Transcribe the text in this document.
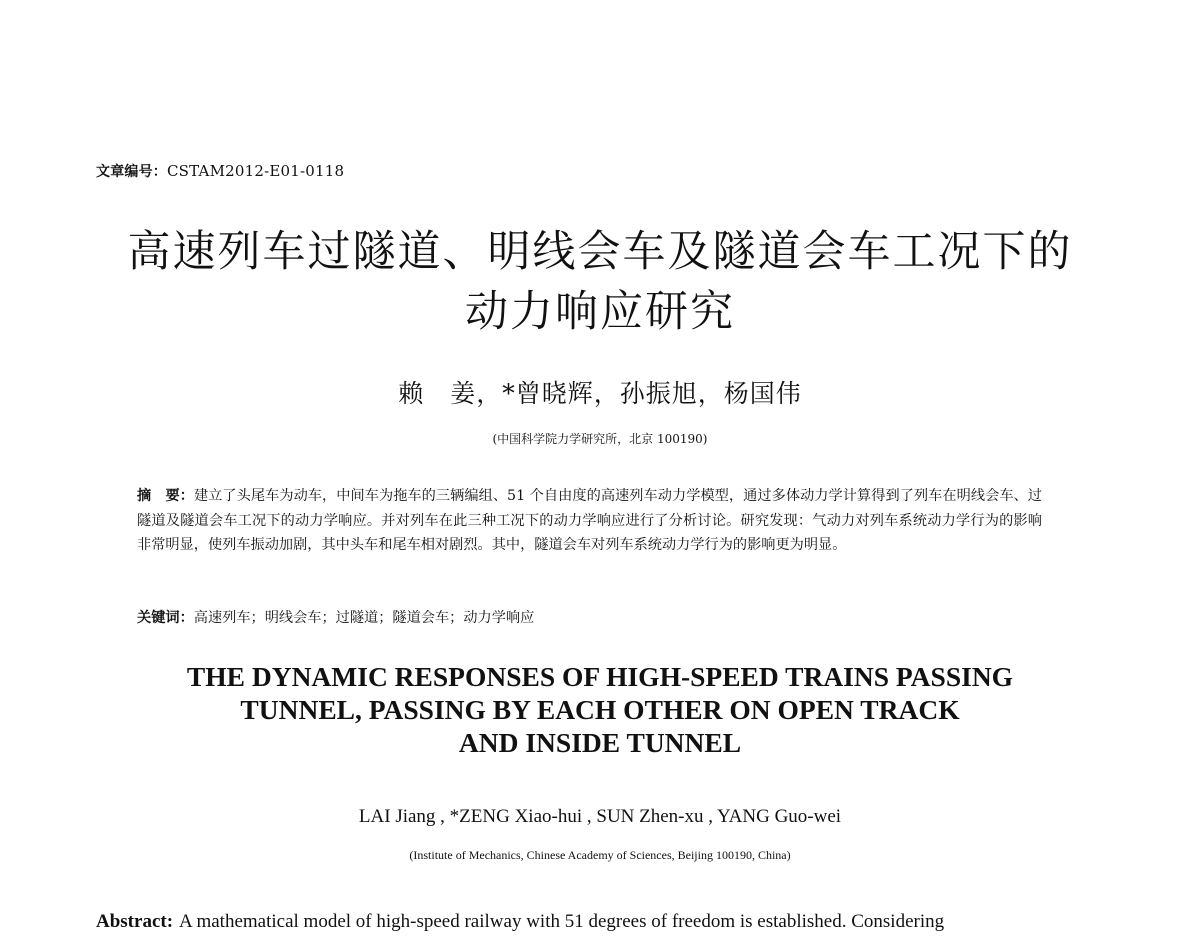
文章编号：CSTAM2012-E01-0118
高速列车过隧道、明线会车及隧道会车工况下的
动力响应研究
赖　姜，*曾晓辉，孙振旭，杨国伟
(中国科学院力学研究所，北京 100190)
摘　要：建立了头尾车为动车，中间车为拖车的三辆编组、51 个自由度的高速列车动力学模型，通过多体动力学计算得到了列车在明线会车、过隧道及隧道会车工况下的动力学响应。并对列车在此三种工况下的动力学响应进行了分析讨论。研究发现：气动力对列车系统动力学行为的影响非常明显，使列车振动加剧，其中头车和尾车相对剧烈。其中，隧道会车对列车系统动力学行为的影响更为明显。
关键词：高速列车；明线会车；过隧道；隧道会车；动力学响应
THE DYNAMIC RESPONSES OF HIGH-SPEED TRAINS PASSING
TUNNEL, PASSING BY EACH OTHER ON OPEN TRACK
AND INSIDE TUNNEL
LAI Jiang , *ZENG Xiao-hui , SUN Zhen-xu , YANG Guo-wei
(Institute of Mechanics, Chinese Academy of Sciences, Beijing 100190, China)
Abstract: A mathematical model of high-speed railway with 51 degrees of freedom is established. Considering
